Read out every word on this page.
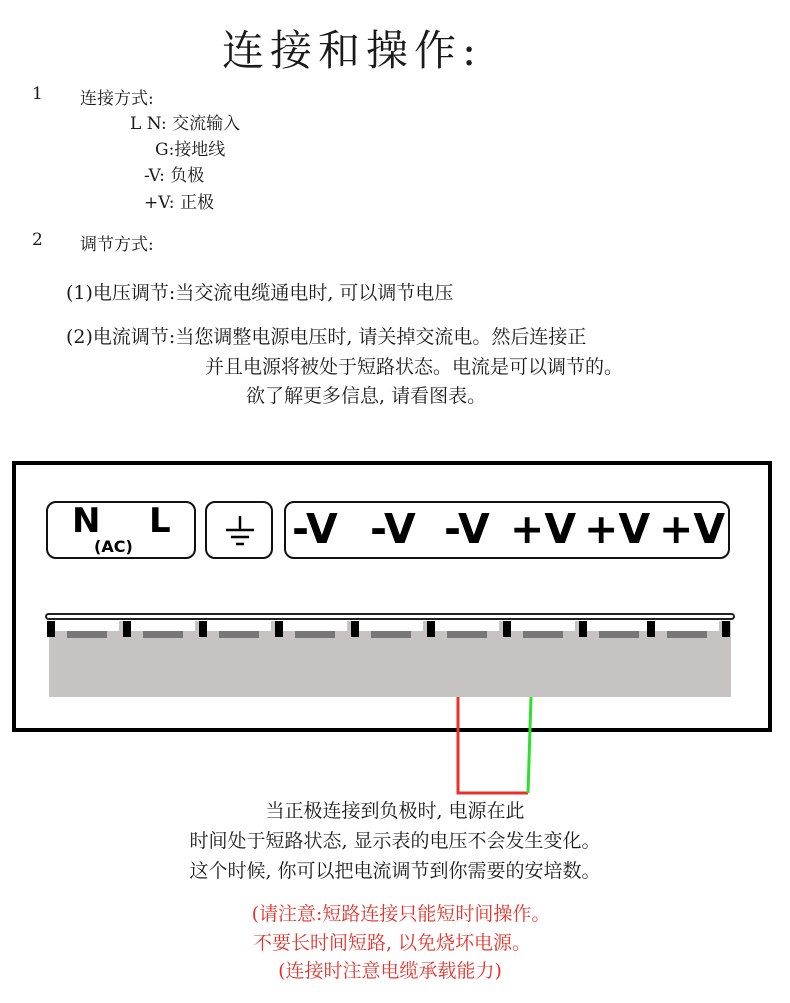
连接和操作:
1 连接方式:
L N: 交流输入
G:接地线
-V: 负极
+V: 正极
2 调节方式:
(1)电压调节:当交流电缆通电时, 可以调节电压
(2)电流调节:当您调整电源电压时, 请关掉交流电。然后连接正
并且电源将被处于短路状态。电流是可以调节的。
欲了解更多信息, 请看图表。
N L
(AC)	-V -V -V +V +V +V
当正极连接到负极时, 电源在此
时间处于短路状态, 显示表的电压不会发生变化。
这个时候, 你可以把电流调节到你需要的安培数。
(请注意:短路连接只能短时间操作。
不要长时间短路, 以免烧坏电源。
(连接时注意电缆承载能力)
